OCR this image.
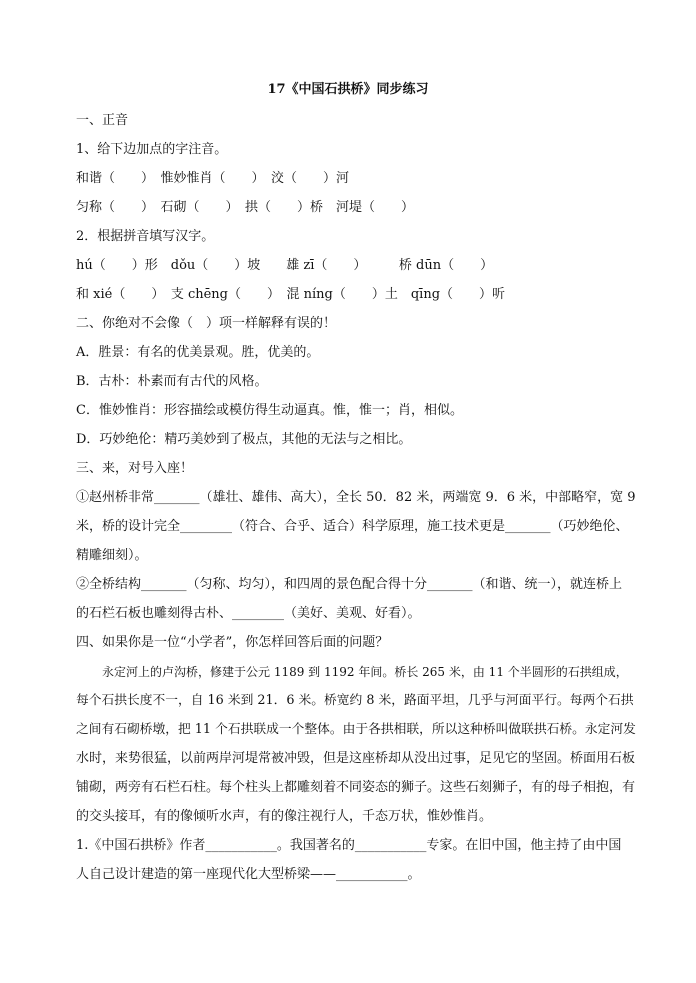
17《中国石拱桥》同步练习
一、正音
1、给下边加点的字注音。
和谐（　　）　惟妙惟肖（　　）　洨（　　）河
匀称（　　）　石砌（　　）　拱（　　）桥　河堤（　　）
2．根据拼音填写汉字。
hú（　　）形　dǒu（　　）坡　　雄 zī（　　）　　　桥 dūn（　　）
和 xié（　　）　支 chēng（　　）　混 níng（　　）土　qīng（　　）听
二、你绝对不会像（　）项一样解释有误的！
A．胜景：有名的优美景观。胜，优美的。
B．古朴：朴素而有古代的风格。
C．惟妙惟肖：形容描绘或模仿得生动逼真。惟，惟一；肖，相似。
D．巧妙绝伦：精巧美妙到了极点，其他的无法与之相比。
三、来，对号入座！
①赵州桥非常_______（雄壮、雄伟、高大），全长 50．82 米，两端宽 9．6 米，中部略窄，宽 9
米，桥的设计完全________（符合、合乎、适合）科学原理，施工技术更是_______（巧妙绝伦、
精雕细刻）。
②全桥结构_______（匀称、均匀），和四周的景色配合得十分_______（和谐、统一），就连桥上
的石栏石板也雕刻得古朴、________（美好、美观、好看）。
四、如果你是一位“小学者”，你怎样回答后面的问题？
永定河上的卢沟桥，修建于公元 1189 到 1192 年间。桥长 265 米，由 11 个半圆形的石拱组成，
每个石拱长度不一，自 16 米到 21．6 米。桥宽约 8 米，路面平坦，几乎与河面平行。每两个石拱
之间有石砌桥墩，把 11 个石拱联成一个整体。由于各拱相联，所以这种桥叫做联拱石桥。永定河发
水时，来势很猛，以前两岸河堤常被冲毁，但是这座桥却从没出过事，足见它的坚固。桥面用石板
铺砌，两旁有石栏石柱。每个柱头上都雕刻着不同姿态的狮子。这些石刻狮子，有的母子相抱，有
的交头接耳，有的像倾听水声，有的像注视行人，千态万状，惟妙惟肖。
1.《中国石拱桥》作者___________。我国著名的___________专家。在旧中国，他主持了由中国
人自己设计建造的第一座现代化大型桥梁——___________。
